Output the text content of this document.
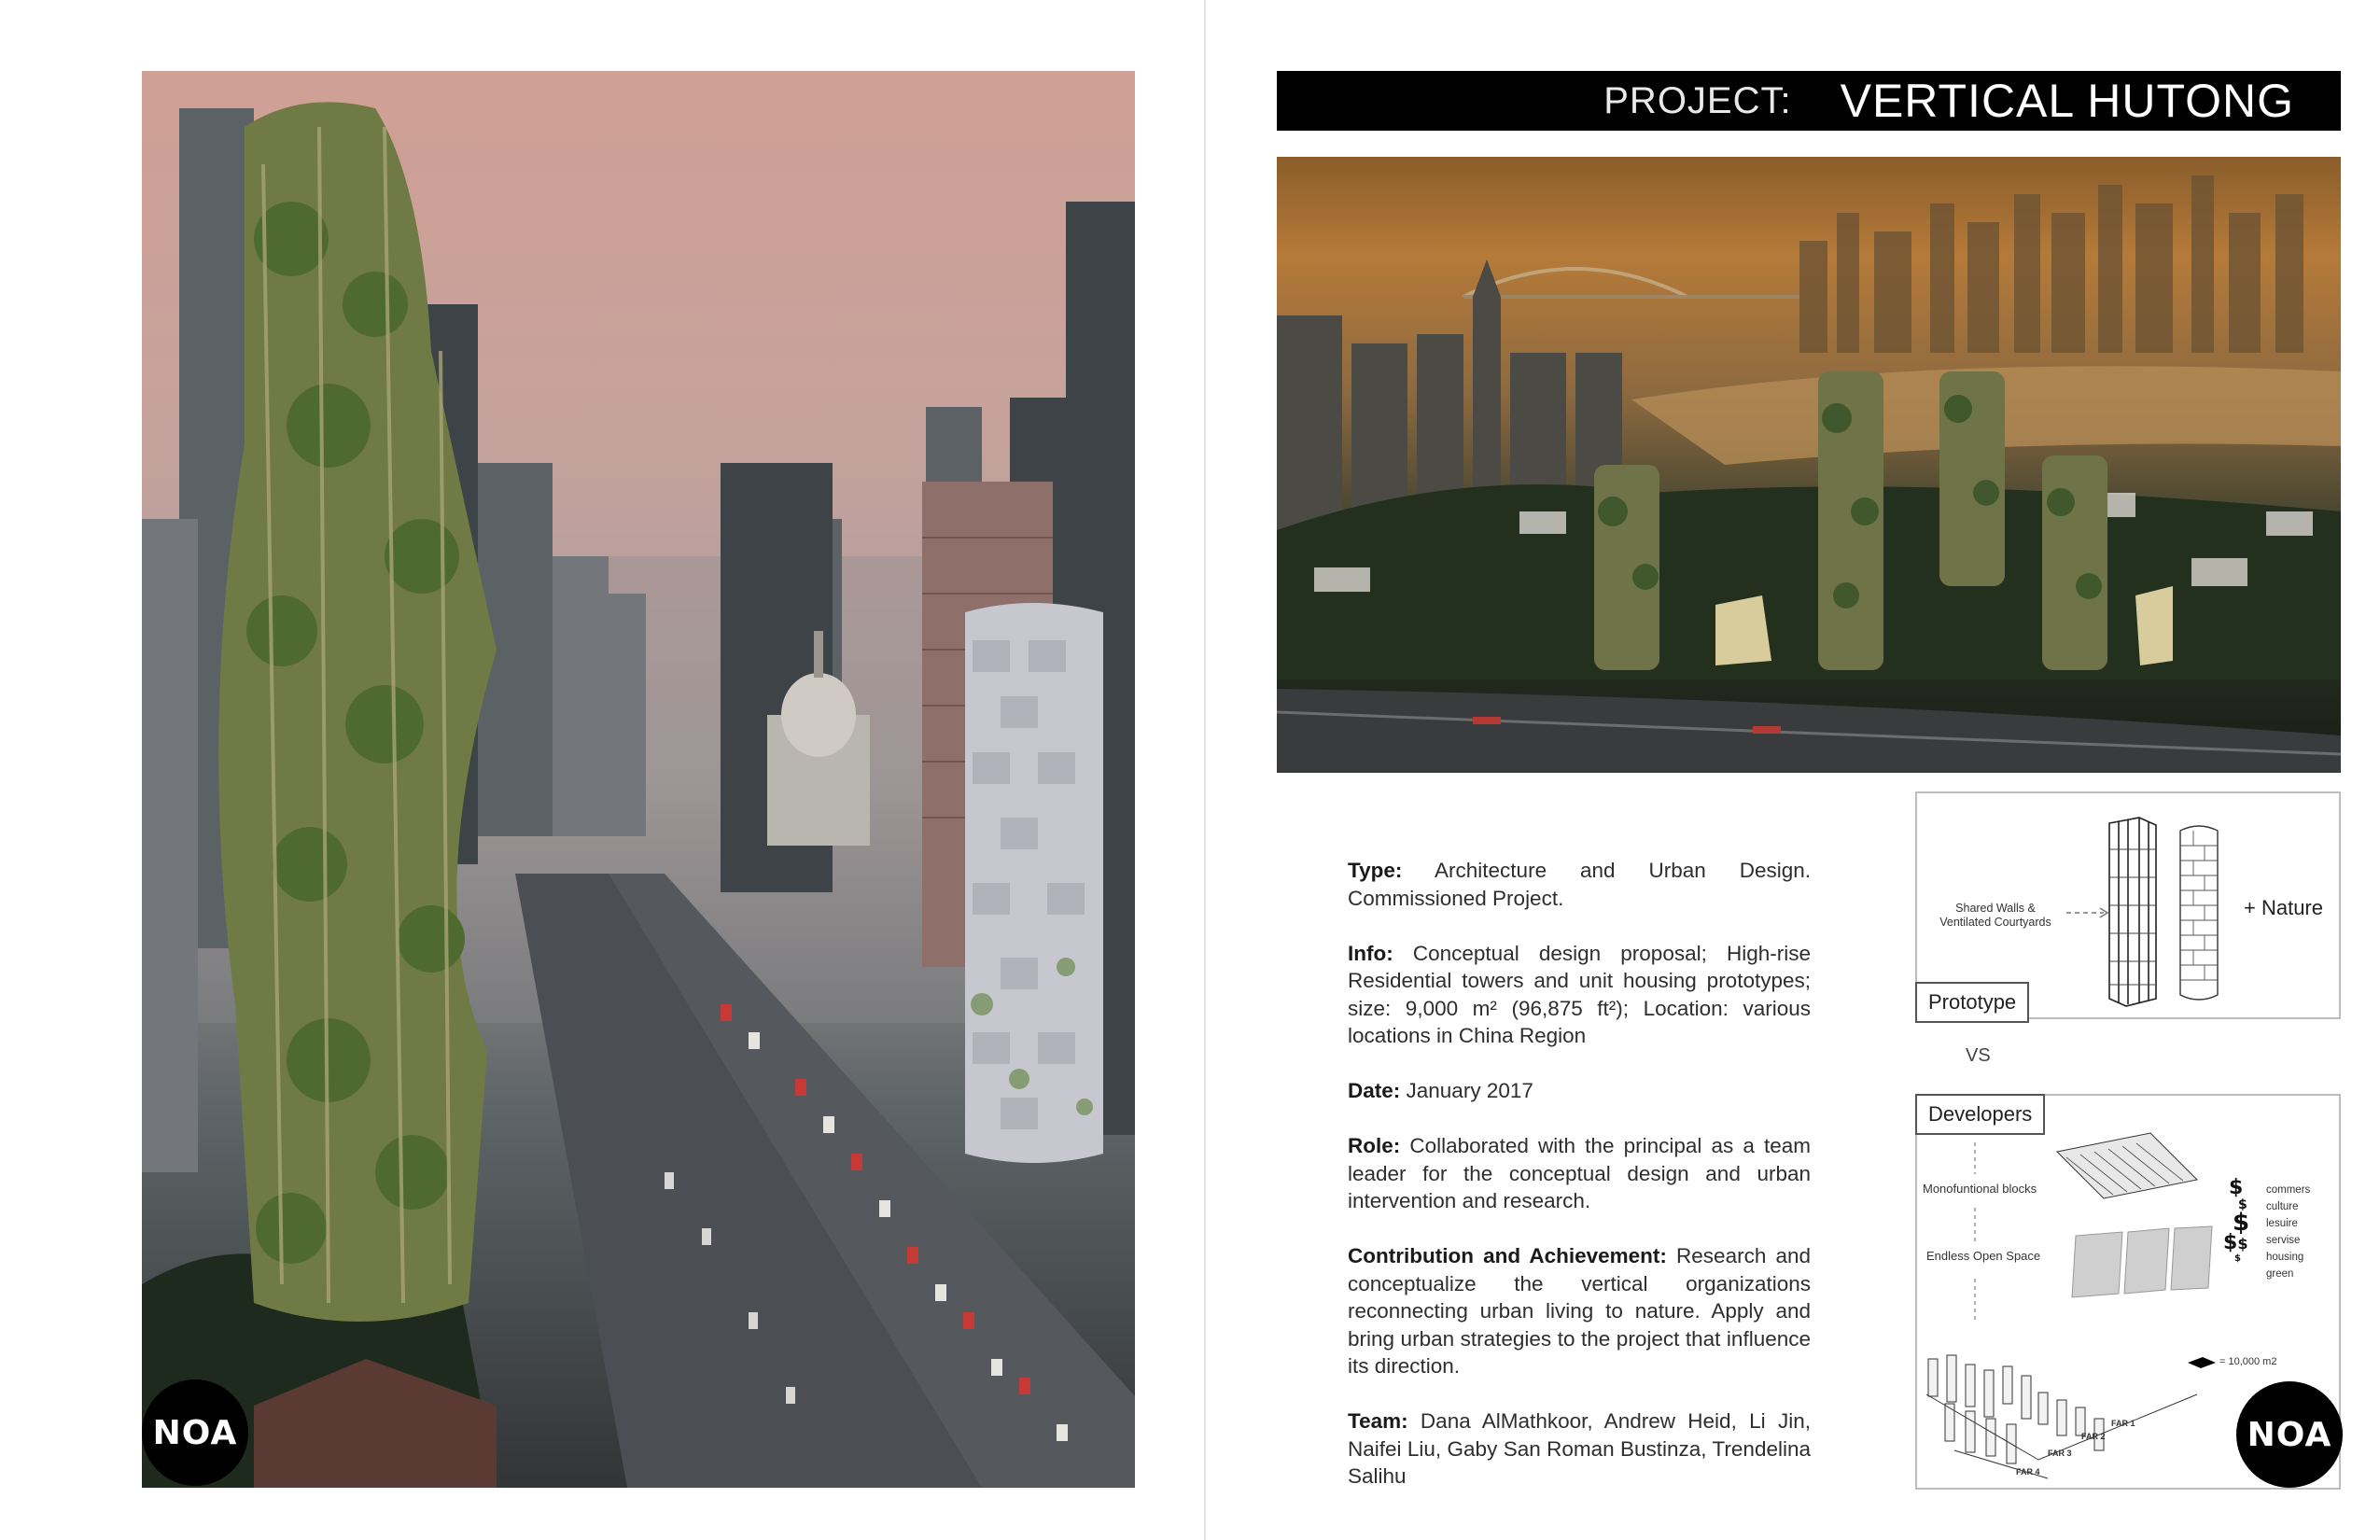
NOA
PROJECT: VERTICAL HUTONG

Type: Architecture and Urban Design. Commissioned Project.

Info: Conceptual design proposal; High-rise Residential towers and unit housing prototypes; size: 9,000 m² (96,875 ft²); Location: various locations in China Region

Date: January 2017

Role: Collaborated with the principal as a team leader for the conceptual design and urban intervention and research.

Contribution and Achievement: Research and conceptualize the vertical organizations reconnecting urban living to nature. Apply and bring urban strategies to the project that influence its direction.

Team: Dana AlMathkoor, Andrew Heid, Li Jin, Naifei Liu, Gaby San Roman Bustinza, Trendelina Salihu

Shared Walls &
Ventilated Courtyards
+ Nature
Prototype
VS
Developers
Monofuntional blocks
Endless Open Space
$
$
$
$$
$
commers
culture
lesuire
servise
housing
green
= 10,000 m2
FAR 1
FAR 2
FAR 3
FAR 4
NOA
